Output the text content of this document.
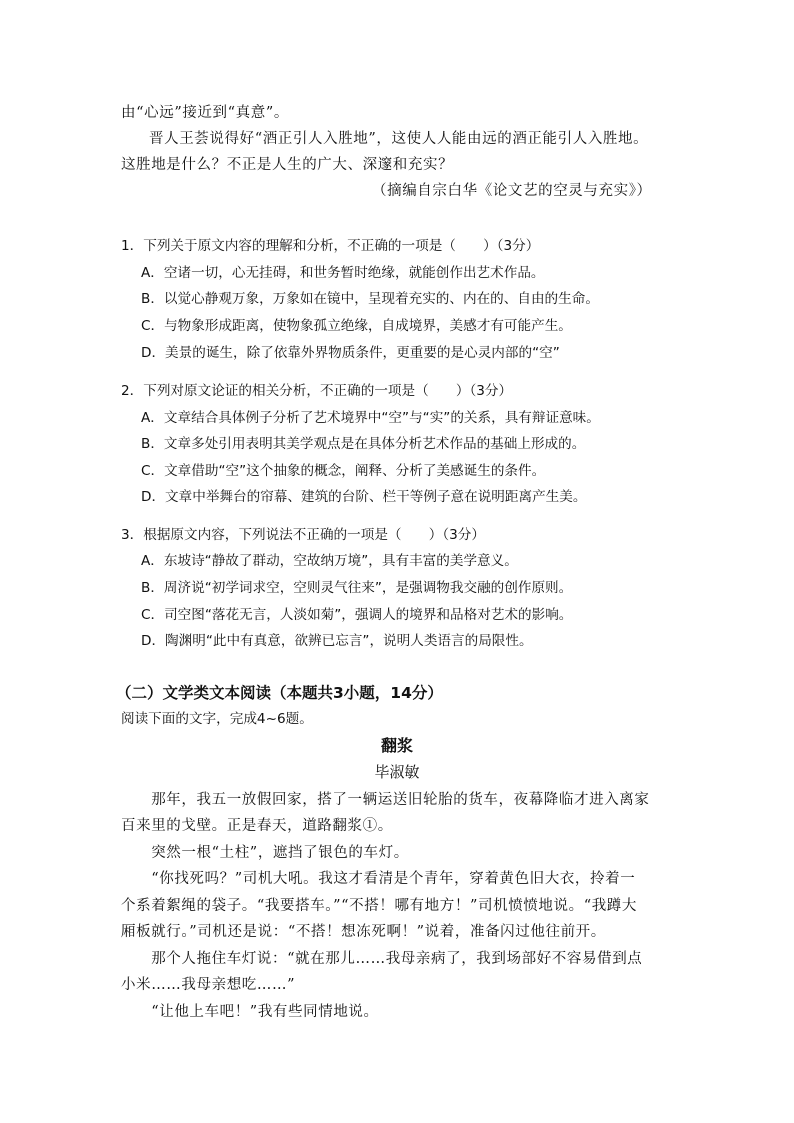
由“心远”接近到“真意”。
晋人王荟说得好“酒正引人入胜地”，这使人人能由远的酒正能引人入胜地。
这胜地是什么？不正是人生的广大、深邃和充实？
（摘编自宗白华《论文艺的空灵与充实》）
1．下列关于原文内容的理解和分析，不正确的一项是（　　）（3分）
A．空诸一切，心无挂碍，和世务暂时绝缘，就能创作出艺术作品。
B．以觉心静观万象，万象如在镜中，呈现着充实的、内在的、自由的生命。
C．与物象形成距离，使物象孤立绝缘，自成境界，美感才有可能产生。
D．美景的诞生，除了依靠外界物质条件，更重要的是心灵内部的“空”
2．下列对原文论证的相关分析，不正确的一项是（　　）（3分）
A．文章结合具体例子分析了艺术境界中“空”与“实”的关系，具有辩证意味。
B．文章多处引用表明其美学观点是在具体分析艺术作品的基础上形成的。
C．文章借助“空”这个抽象的概念，阐释、分析了美感诞生的条件。
D．文章中举舞台的帘幕、建筑的台阶、栏干等例子意在说明距离产生美。
3．根据原文内容，下列说法不正确的一项是（　　）（3分）
A．东坡诗“静故了群动，空故纳万境”，具有丰富的美学意义。
B．周济说“初学词求空，空则灵气往来”，是强调物我交融的创作原则。
C．司空图“落花无言，人淡如菊”，强调人的境界和品格对艺术的影响。
D．陶渊明“此中有真意，欲辨已忘言”，说明人类语言的局限性。
（二）文学类文本阅读（本题共3小题，14分）
阅读下面的文字，完成4~6题。
翻浆
毕淑敏
　　那年，我五一放假回家，搭了一辆运送旧轮胎的货车，夜幕降临才进入离家
百来里的戈壁。正是春天，道路翻浆①。
　　突然一根“土柱”，遮挡了银色的车灯。
　　“你找死吗？”司机大吼。我这才看清是个青年，穿着黄色旧大衣，拎着一
个系着絮绳的袋子。“我要搭车。”“不搭！哪有地方！”司机愤愤地说。“我蹲大
厢板就行。”司机还是说：“不搭！想冻死啊！”说着，准备闪过他往前开。
　　那个人拖住车灯说：“就在那儿……我母亲病了，我到场部好不容易借到点
小米……我母亲想吃……”
　　“让他上车吧！”我有些同情地说。
